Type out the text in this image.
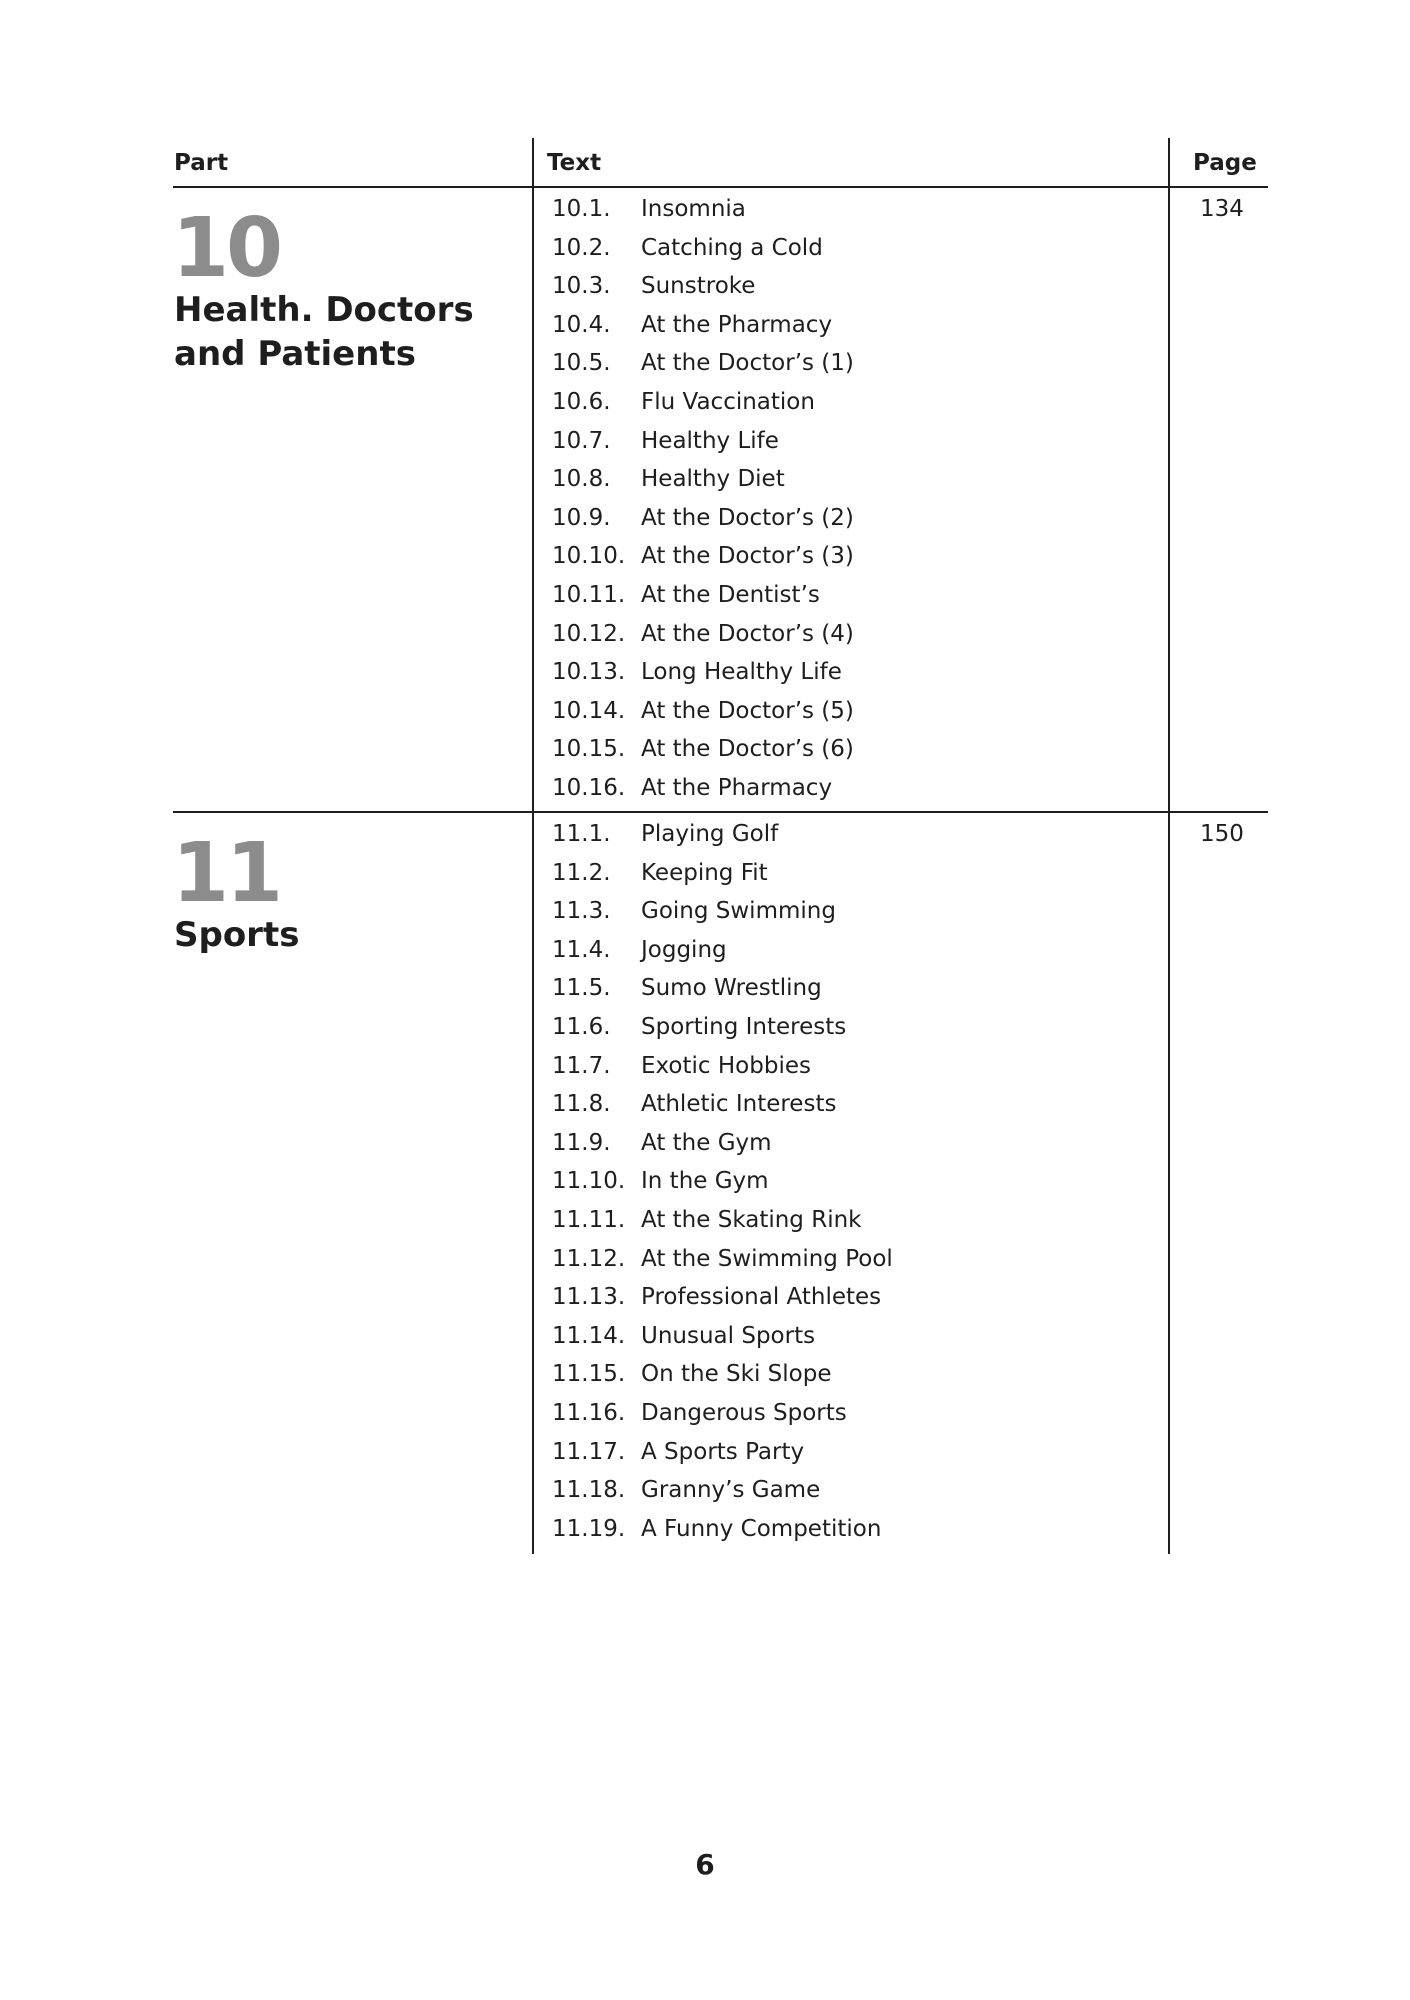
Part	Text	Page
10
Health. Doctors
and Patients
10.1. Insomnia
10.2. Catching a Cold
10.3. Sunstroke
10.4. At the Pharmacy
10.5. At the Doctor’s (1)
10.6. Flu Vaccination
10.7. Healthy Life
10.8. Healthy Diet
10.9. At the Doctor’s (2)
10.10. At the Doctor’s (3)
10.11. At the Dentist’s
10.12. At the Doctor’s (4)
10.13. Long Healthy Life
10.14. At the Doctor’s (5)
10.15. At the Doctor’s (6)
10.16. At the Pharmacy
134
11
Sports
11.1. Playing Golf
11.2. Keeping Fit
11.3. Going Swimming
11.4. Jogging
11.5. Sumo Wrestling
11.6. Sporting Interests
11.7. Exotic Hobbies
11.8. Athletic Interests
11.9. At the Gym
11.10. In the Gym
11.11. At the Skating Rink
11.12. At the Swimming Pool
11.13. Professional Athletes
11.14. Unusual Sports
11.15. On the Ski Slope
11.16. Dangerous Sports
11.17. A Sports Party
11.18. Granny’s Game
11.19. A Funny Competition
150
6
